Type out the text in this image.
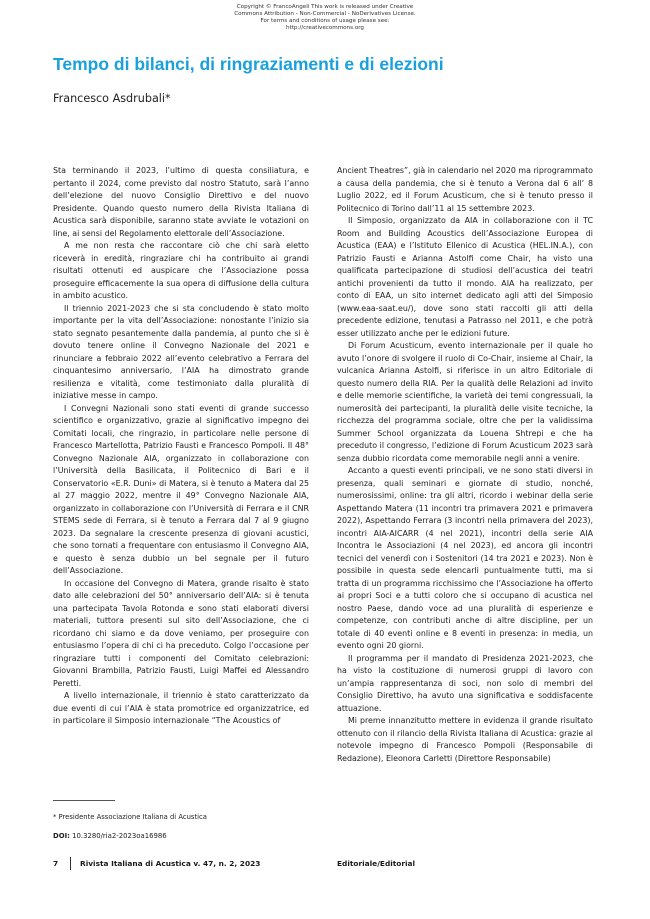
Copyright © FrancoAngeli This work is released under Creative
Commons Attribution - Non-Commercial - NoDerivatives License.
For terms and conditions of usage please see:
http://creativecommons.org
Tempo di bilanci, di ringraziamenti e di elezioni
Francesco Asdrubali*

Sta terminando il 2023, l’ultimo di questa consiliatura, e pertanto il 2024, come previsto dal nostro Statuto, sarà l’anno dell’elezione del nuovo Consiglio Direttivo e del nuovo Presidente. Quando questo numero della Rivista Italiana di Acustica sarà disponibile, saranno state avviate le votazioni on line, ai sensi del Regolamento elettorale dell’Associazione.

A me non resta che raccontare ciò che chi sarà eletto riceverà in eredità, ringraziare chi ha contribuito ai grandi risultati ottenuti ed auspicare che l’Associazione possa proseguire efficacemente la sua opera di diffusione della cultura in ambito acustico.

Il triennio 2021-2023 che si sta concludendo è stato molto importante per la vita dell’Associazione: nonostante l’inizio sia stato segnato pesantemente dalla pandemia, al punto che si è dovuto tenere online il Convegno Nazionale del 2021 e rinunciare a febbraio 2022 all’evento celebrativo a Ferrara del cinquantesimo anniversario, l’AIA ha dimostrato grande resilienza e vitalità, come testimoniato dalla pluralità di iniziative messe in campo.

I Convegni Nazionali sono stati eventi di grande successo scientifico e organizzativo, grazie al significativo impegno dei Comitati locali, che ringrazio, in particolare nelle persone di Francesco Martellotta, Patrizio Fausti e Francesco Pompoli. Il 48° Convegno Nazionale AIA, organizzato in collaborazione con l’Università della Basilicata, il Politecnico di Bari e il Conservatorio «E.R. Duni» di Matera, si è tenuto a Matera dal 25 al 27 maggio 2022, mentre il 49° Convegno Nazionale AIA, organizzato in collaborazione con l’Università di Ferrara e il CNR STEMS sede di Ferrara, si è tenuto a Ferrara dal 7 al 9 giugno 2023. Da segnalare la crescente presenza di giovani acustici, che sono tornati a frequentare con entusiasmo il Convegno AIA, e questo è senza dubbio un bel segnale per il futuro dell’Associazione.

In occasione del Convegno di Matera, grande risalto è stato dato alle celebrazioni del 50° anniversario dell’AIA: si è tenuta una partecipata Tavola Rotonda e sono stati elaborati diversi materiali, tuttora presenti sul sito dell’Associazione, che ci ricordano chi siamo e da dove veniamo, per proseguire con entusiasmo l’opera di chi ci ha preceduto. Colgo l’occasione per ringraziare tutti i componenti del Comitato celebrazioni: Giovanni Brambilla, Patrizio Fausti, Luigi Maffei ed Alessandro Peretti.

A livello internazionale, il triennio è stato caratterizzato da due eventi di cui l’AIA è stata promotrice ed organizzatrice, ed in particolare il Simposio internazionale “The Acoustics of

Ancient Theatres”, già in calendario nel 2020 ma riprogrammato a causa della pandemia, che si è tenuto a Verona dal 6 all’ 8 Luglio 2022, ed il Forum Acusticum, che si è tenuto presso il Politecnico di Torino dall’11 al 15 settembre 2023.

Il Simposio, organizzato da AIA in collaborazione con il TC Room and Building Acoustics dell’Associazione Europea di Acustica (EAA) e l’Istituto Ellenico di Acustica (HEL.IN.A.), con Patrizio Fausti e Arianna Astolfi come Chair, ha visto una qualificata partecipazione di studiosi dell’acustica dei teatri antichi provenienti da tutto il mondo. AIA ha realizzato, per conto di EAA, un sito internet dedicato agli atti del Simposio (www.eaa-saat.eu/), dove sono stati raccolti gli atti della precedente edizione, tenutasi a Patrasso nel 2011, e che potrà esser utilizzato anche per le edizioni future.

Di Forum Acusticum, evento internazionale per il quale ho avuto l’onore di svolgere il ruolo di Co-Chair, insieme al Chair, la vulcanica Arianna Astolfi, si riferisce in un altro Editoriale di questo numero della RIA. Per la qualità delle Relazioni ad invito e delle memorie scientifiche, la varietà dei temi congressuali, la numerosità dei partecipanti, la pluralità delle visite tecniche, la ricchezza del programma sociale, oltre che per la validissima Summer School organizzata da Louena Shtrepi e che ha preceduto il congresso, l’edizione di Forum Acusticum 2023 sarà senza dubbio ricordata come memorabile negli anni a venire.

Accanto a questi eventi principali, ve ne sono stati diversi in presenza, quali seminari e giornate di studio, nonché, numerosissimi, online: tra gli altri, ricordo i webinar della serie Aspettando Matera (11 incontri tra primavera 2021 e primavera 2022), Aspettando Ferrara (3 incontri nella primavera del 2023), incontri AIA-AICARR (4 nel 2021), incontri della serie AIA Incontra le Associazioni (4 nel 2023), ed ancora gli incontri tecnici del venerdì con i Sostenitori (14 tra 2021 e 2023). Non è possibile in questa sede elencarli puntualmente tutti, ma si tratta di un programma ricchissimo che l’Associazione ha offerto ai propri Soci e a tutti coloro che si occupano di acustica nel nostro Paese, dando voce ad una pluralità di esperienze e competenze, con contributi anche di altre discipline, per un totale di 40 eventi online e 8 eventi in presenza: in media, un evento ogni 20 giorni.

Il programma per il mandato di Presidenza 2021-2023, che ha visto la costituzione di numerosi gruppi di lavoro con un’ampia rappresentanza di soci, non solo di membri del Consiglio Direttivo, ha avuto una significativa e soddisfacente attuazione.

Mi preme innanzitutto mettere in evidenza il grande risultato ottenuto con il rilancio della Rivista Italiana di Acustica: grazie al notevole impegno di Francesco Pompoli (Responsabile di Redazione), Eleonora Carletti (Direttore Responsabile)

* Presidente Associazione Italiana di Acustica
DOI: 10.3280/ria2-2023oa16986
7	Rivista Italiana di Acustica v. 47, n. 2, 2023	Editoriale/Editorial
